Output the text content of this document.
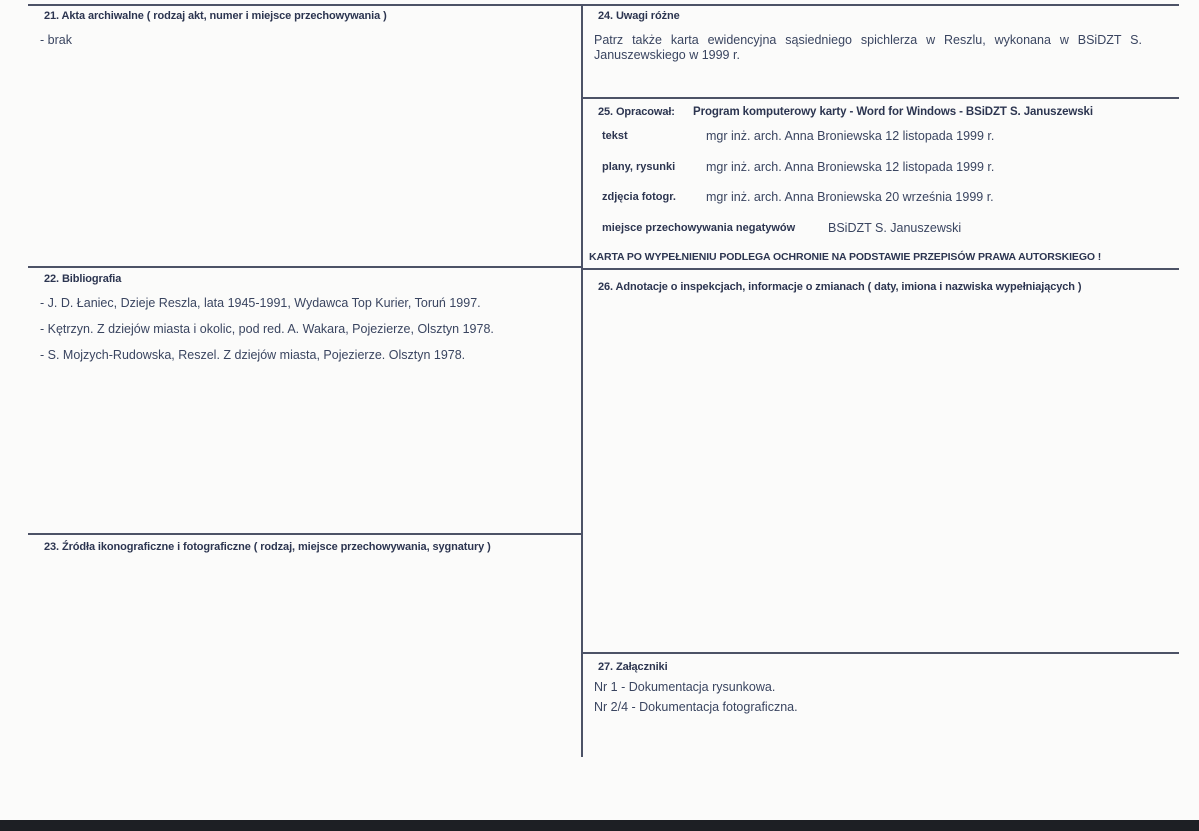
21. Akta archiwalne ( rodzaj akt, numer i miejsce przechowywania )
- brak
22. Bibliografia
- J. D. Łaniec, Dzieje Reszla, lata 1945-1991, Wydawca Top Kurier, Toruń 1997.
- Kętrzyn. Z dziejów miasta i okolic, pod red. A. Wakara, Pojezierze, Olsztyn 1978.
- S. Mojzych-Rudowska, Reszel. Z dziejów miasta, Pojezierze. Olsztyn 1978.
23. Źródła ikonograficzne i fotograficzne ( rodzaj, miejsce przechowywania, sygnatury )
24. Uwagi różne
Patrz także karta ewidencyjna sąsiedniego spichlerza w Reszlu, wykonana w BSiDZT S. Januszewskiego w 1999 r.
25. Opracował: Program komputerowy karty - Word for Windows - BSiDZT S. Januszewski
tekst	mgr inż. arch. Anna Broniewska 12 listopada 1999 r.
plany, rysunki mgr inż. arch. Anna Broniewska 12 listopada 1999 r.
zdjęcia fotogr. mgr inż. arch. Anna Broniewska 20 września 1999 r.
miejsce przechowywania negatywów	BSiDZT S. Januszewski
KARTA PO WYPEŁNIENIU PODLEGA OCHRONIE NA PODSTAWIE PRZEPISÓW PRAWA AUTORSKIEGO !
26. Adnotacje o inspekcjach, informacje o zmianach ( daty, imiona i nazwiska wypełniających )
27. Załączniki
Nr 1 - Dokumentacja rysunkowa.
Nr 2/4 - Dokumentacja fotograficzna.
